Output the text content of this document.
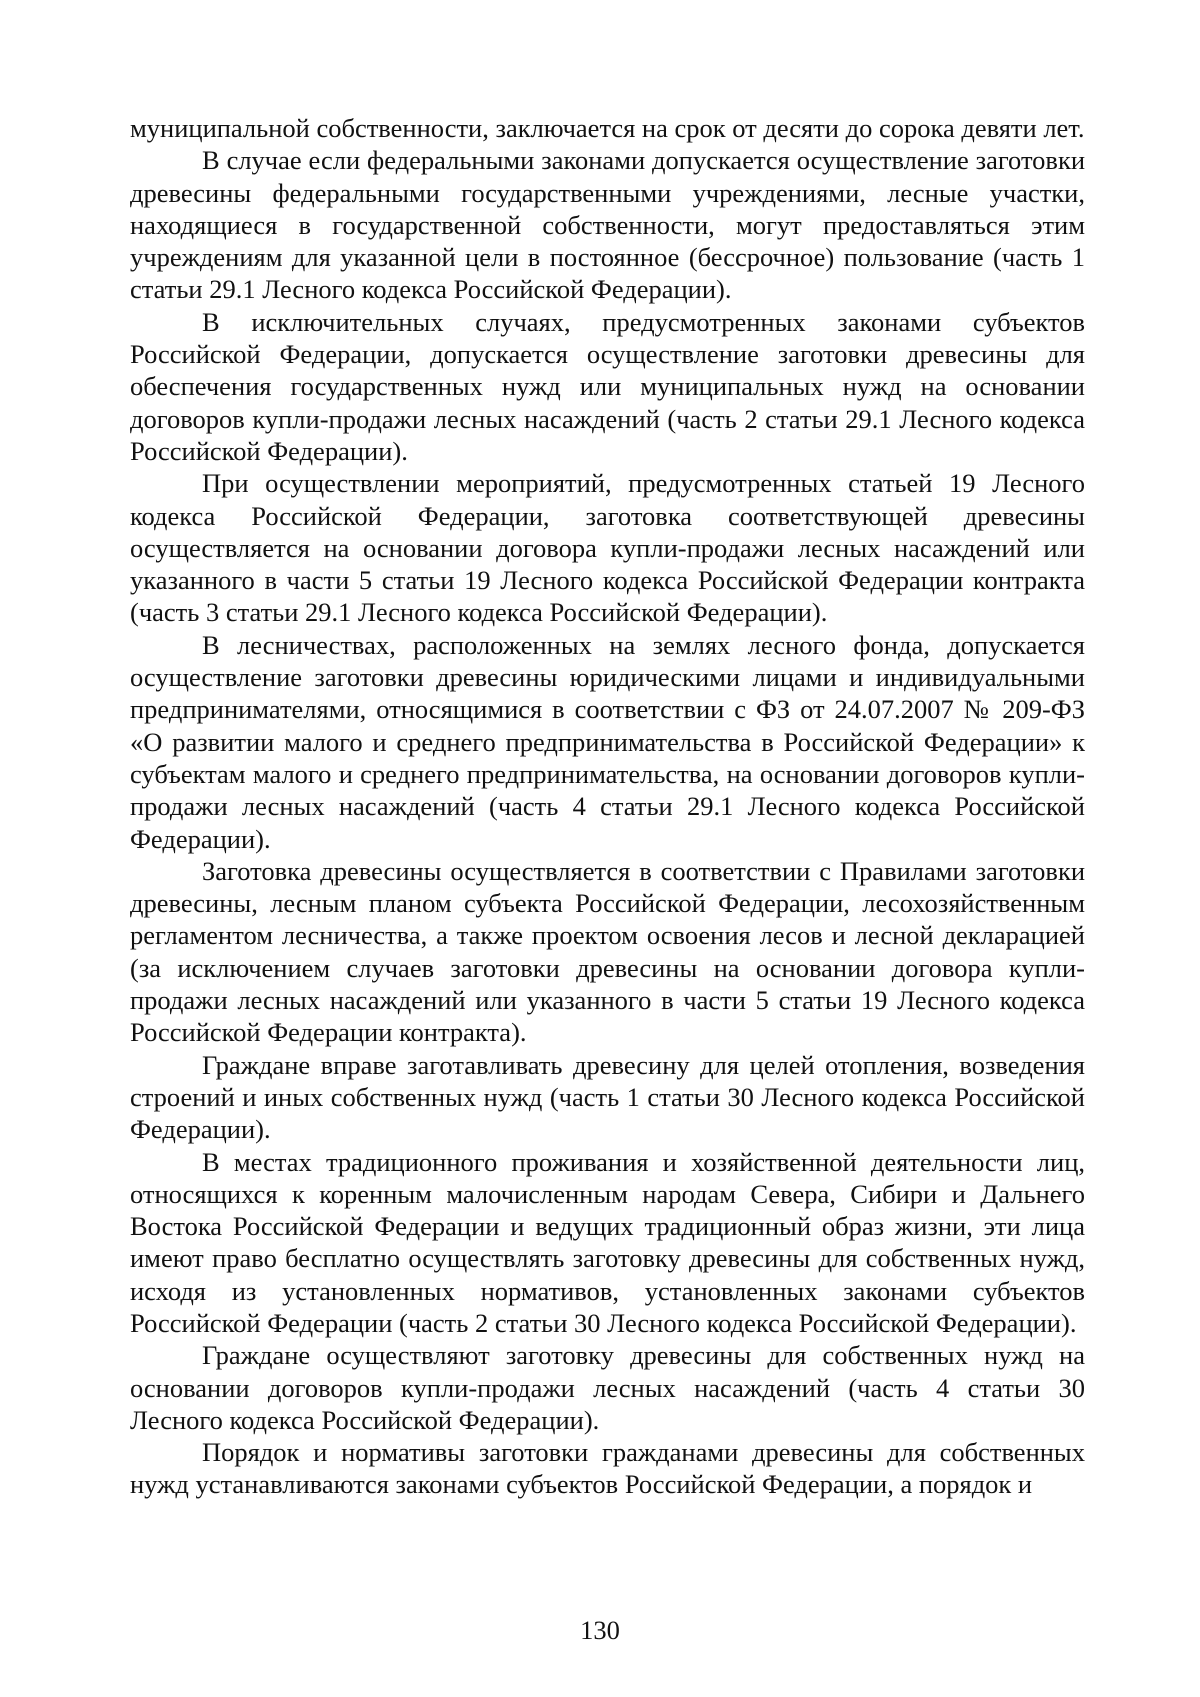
муниципальной собственности, заключается на срок от десяти до сорока девяти лет.

В случае если федеральными законами допускается осуществление заготовки древесины федеральными государственными учреждениями, лесные участки, находящиеся в государственной собственности, могут предоставляться этим учреждениям для указанной цели в постоянное (бессрочное) пользование (часть 1 статьи 29.1 Лесного кодекса Российской Федерации).

В исключительных случаях, предусмотренных законами субъектов Российской Федерации, допускается осуществление заготовки древесины для обеспечения государственных нужд или муниципальных нужд на основании договоров купли-продажи лесных насаждений (часть 2 статьи 29.1 Лесного кодекса Российской Федерации).

При осуществлении мероприятий, предусмотренных статьей 19 Лесного кодекса Российской Федерации, заготовка соответствующей древесины осуществляется на основании договора купли-продажи лесных насаждений или указанного в части 5 статьи 19 Лесного кодекса Российской Федерации контракта (часть 3 статьи 29.1 Лесного кодекса Российской Федерации).

В лесничествах, расположенных на землях лесного фонда, допускается осуществление заготовки древесины юридическими лицами и индивидуальными предпринимателями, относящимися в соответствии с ФЗ от 24.07.2007 № 209-ФЗ «О развитии малого и среднего предпринимательства в Российской Федерации» к субъектам малого и среднего предпринимательства, на основании договоров купли-продажи лесных насаждений (часть 4 статьи 29.1 Лесного кодекса Российской Федерации).

Заготовка древесины осуществляется в соответствии с Правилами заготовки древесины, лесным планом субъекта Российской Федерации, лесохозяйственным регламентом лесничества, а также проектом освоения лесов и лесной декларацией (за исключением случаев заготовки древесины на основании договора купли-продажи лесных насаждений или указанного в части 5 статьи 19 Лесного кодекса Российской Федерации контракта).

Граждане вправе заготавливать древесину для целей отопления, возведения строений и иных собственных нужд (часть 1 статьи 30 Лесного кодекса Российской Федерации).

В местах традиционного проживания и хозяйственной деятельности лиц, относящихся к коренным малочисленным народам Севера, Сибири и Дальнего Востока Российской Федерации и ведущих традиционный образ жизни, эти лица имеют право бесплатно осуществлять заготовку древесины для собственных нужд, исходя из установленных нормативов, установленных законами субъектов Российской Федерации (часть 2 статьи 30 Лесного кодекса Российской Федерации).

Граждане осуществляют заготовку древесины для собственных нужд на основании договоров купли-продажи лесных насаждений (часть 4 статьи 30 Лесного кодекса Российской Федерации).

Порядок и нормативы заготовки гражданами древесины для собственных нужд устанавливаются законами субъектов Российской Федерации, а порядок и

130
